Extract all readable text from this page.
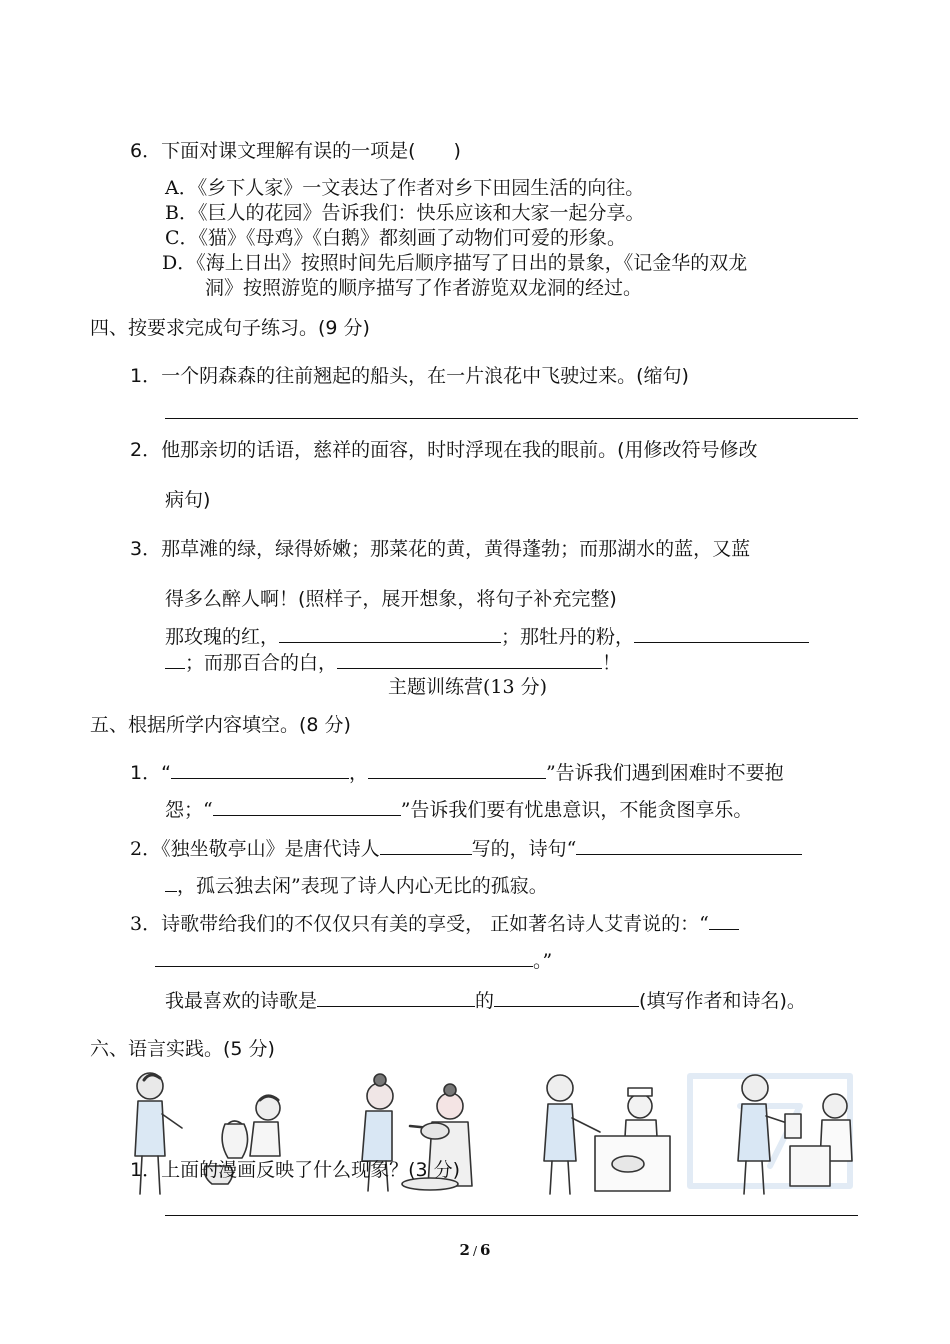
6．下面对课文理解有误的一项是(　　)
A．《乡下人家》一文表达了作者对乡下田园生活的向往。
B．《巨人的花园》告诉我们：快乐应该和大家一起分享。
C．《猫》《母鸡》《白鹅》都刻画了动物们可爱的形象。
D．《海上日出》按照时间先后顺序描写了日出的景象，《记金华的双龙
洞》按照游览的顺序描写了作者游览双龙洞的经过。
四、按要求完成句子练习。(9 分)
1．一个阴森森的往前翘起的船头，在一片浪花中飞驶过来。(缩句)
2．他那亲切的话语，慈祥的面容，时时浮现在我的眼前。(用修改符号修改
病句)
3．那草滩的绿，绿得娇嫩；那菜花的黄，黄得蓬勃；而那湖水的蓝，又蓝
得多么醉人啊！(照样子，展开想象，将句子补充完整)
那玫瑰的红，	；那牡丹的粉，
；而那百合的白，	！
主题训练营(13 分)
五、根据所学内容填空。(8 分)
1．“	，	”告诉我们遇到困难时不要抱
怨；“	”告诉我们要有忧患意识，不能贪图享乐。
2．《独坐敬亭山》是唐代诗人	写的，诗句“
，孤云独去闲”表现了诗人内心无比的孤寂。
3．诗歌带给我们的不仅仅只有美的享受， 正如著名诗人艾青说的：“
。”
我最喜欢的诗歌是	的	(填写作者和诗名)。
六、语言实践。(5 分)
1．上面的漫画反映了什么现象？(3 分)
2 / 6
